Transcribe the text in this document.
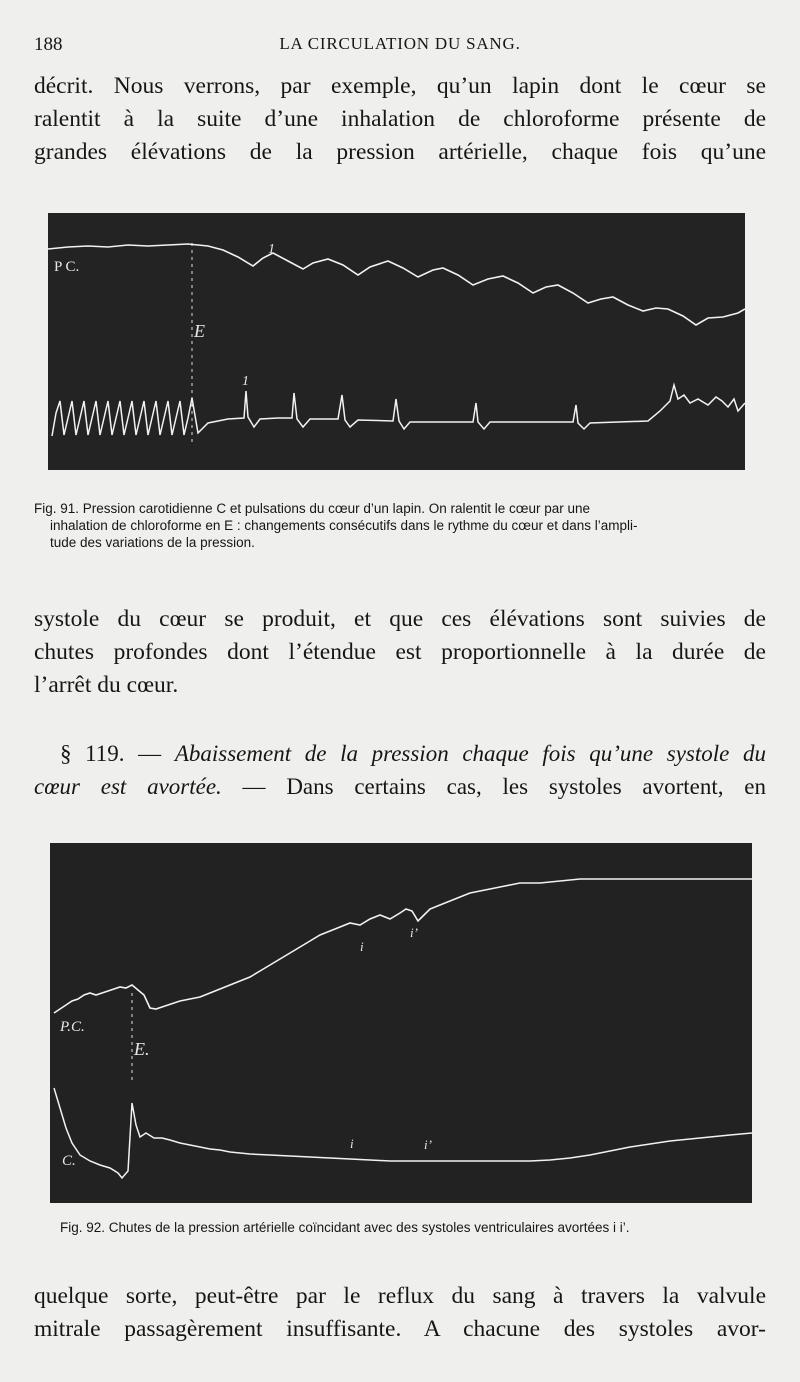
188	LA CIRCULATION DU SANG.

décrit. Nous verrons, par exemple, qu’un lapin dont le cœur se
ralentit à la suite d’une inhalation de chloroforme présente de
grandes élévations de la pression artérielle, chaque fois qu’une

P C.
E
1
1

Fig. 91. Pression carotidienne C et pulsations du cœur d’un lapin. On ralentit le cœur par une
inhalation de chloroforme en E : changements consécutifs dans le rythme du cœur et dans l’ampli-
tude des variations de la pression.

systole du cœur se produit, et que ces élévations sont suivies de
chutes profondes dont l’étendue est proportionnelle à la durée de
l’arrêt du cœur.

§ 119. — Abaissement de la pression chaque fois qu’une systole du
cœur est avortée. — Dans certains cas, les systoles avortent, en
P.C.
E.
C.
i
i’
i	i’

Fig. 92. Chutes de la pression artérielle coïncidant avec des systoles ventriculaires avortées i i’.

quelque sorte, peut-être par le reflux du sang à travers la valvule
mitrale passagèrement insuffisante. A chacune des systoles avor-
